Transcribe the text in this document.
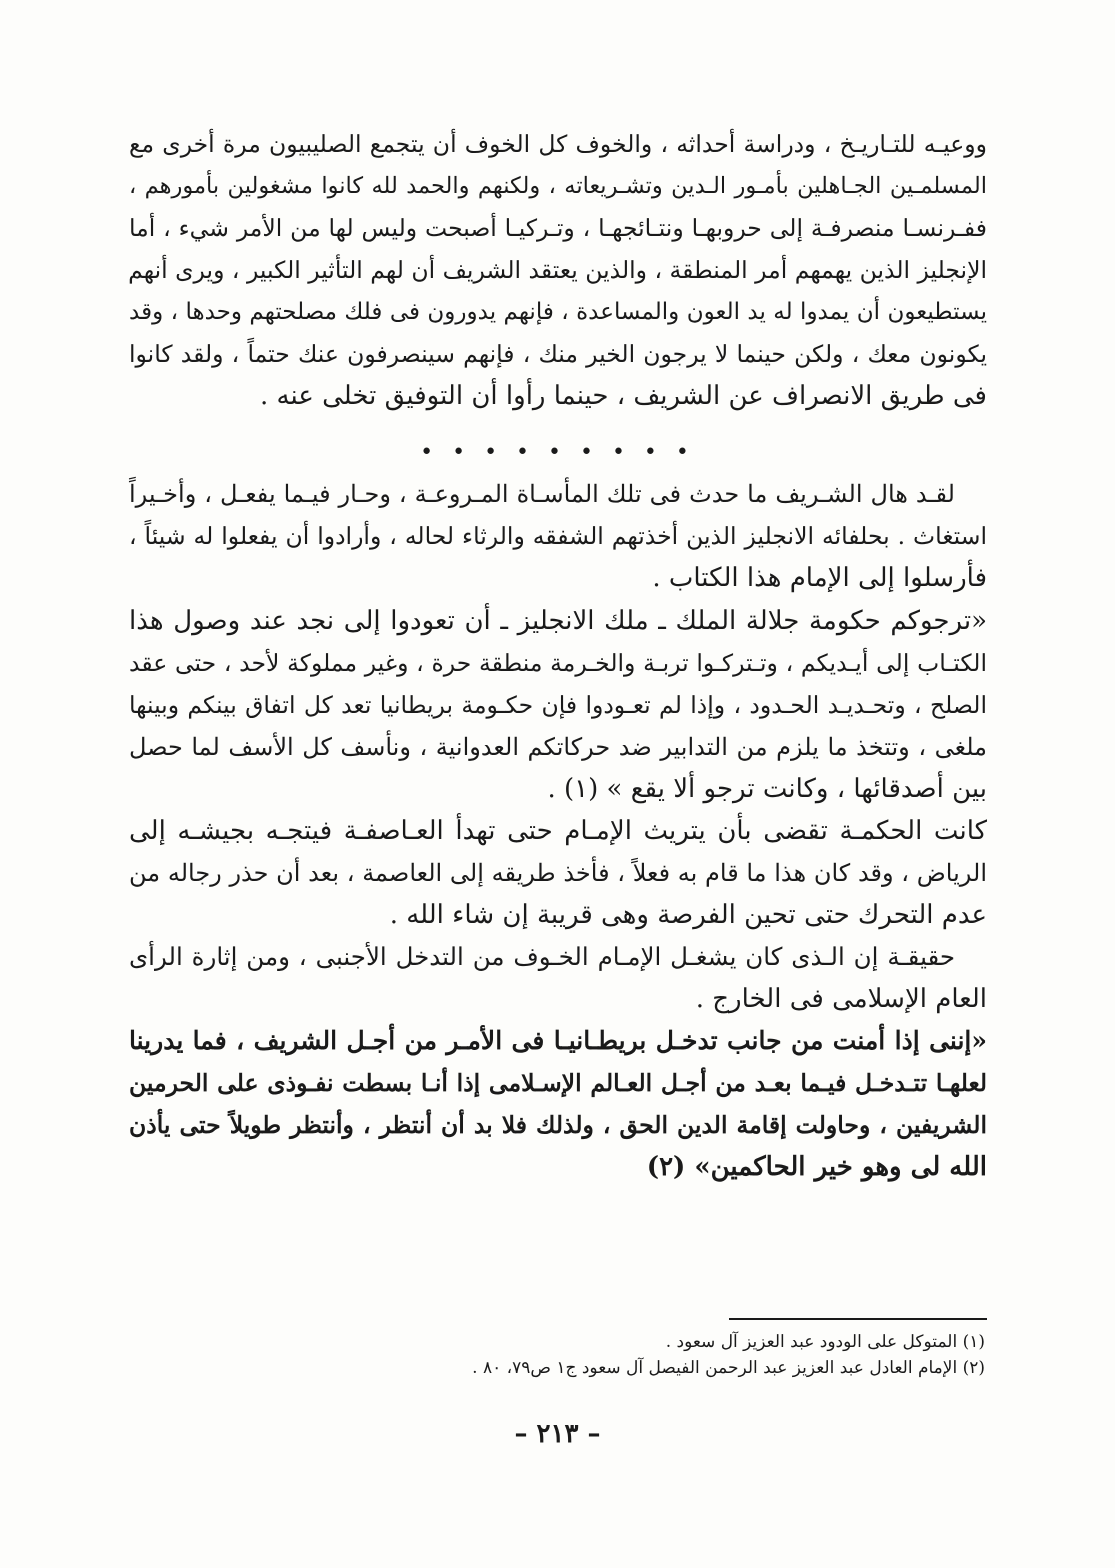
ووعيـه للتـاريـخ ، ودراسة أحداثه ، والخوف كل الخوف أن يتجمع الصليبيون مرة أخرى مع
المسلمـين الجـاهلين بأمـور الـدين وتشـريعاته ، ولكنهم والحمد لله كانوا مشغولين بأمورهم ،
ففـرنسـا منصرفـة إلى حروبهـا ونتـائجهـا ، وتـركيـا أصبحت وليس لها من الأمر شيء ، أما
الإنجليز الذين يهمهم أمر المنطقة ، والذين يعتقد الشريف أن لهم التأثير الكبير ، ويرى أنهم
يستطيعون أن يمدوا له يد العون والمساعدة ، فإنهم يدورون فى فلك مصلحتهم وحدها ، وقد
يكونون معك ، ولكن حينما لا يرجون الخير منك ، فإنهم سينصرفون عنك حتماً ، ولقد كانوا
فى طريق الانصراف عن الشريف ، حينما رأوا أن التوفيق تخلى عنه .
• • • • • • • • •
لقـد هال الشـريف ما حدث فى تلك المأسـاة المـروعـة ، وحـار فيـما يفعـل ، وأخـيراً
استغاث . بحلفائه الانجليز الذين أخذتهم الشفقه والرثاء لحاله ، وأرادوا أن يفعلوا له شيئاً ،
فأرسلوا إلى الإمام هذا الكتاب .
«ترجوكم حكومة جلالة الملك ـ ملك الانجليز ـ أن تعودوا إلى نجد عند وصول هذا
الكتـاب إلى أيـديكم ، وتـتركـوا تربـة والخـرمة منطقة حرة ، وغير مملوكة لأحد ، حتى عقد
الصلح ، وتحـديـد الحـدود ، وإذا لم تعـودوا فإن حكـومة بريطانيا تعد كل اتفاق بينكم وبينها
ملغى ، وتتخذ ما يلزم من التدابير ضد حركاتكم العدوانية ، ونأسف كل الأسف لما حصل
بين أصدقائها ، وكانت ترجو ألا يقع » (١) .
كانت الحكمـة تقضى بأن يتريث الإمـام حتى تهدأ العـاصفـة فيتجـه بجيشـه إلى
الرياض ، وقد كان هذا ما قام به فعلاً ، فأخذ طريقه إلى العاصمة ، بعد أن حذر رجاله من
عدم التحرك حتى تحين الفرصة وهى قريبة إن شاء الله .
حقيقـة إن الـذى كان يشغـل الإمـام الخـوف من التدخل الأجنبى ، ومن إثارة الرأى
العام الإسلامى فى الخارج .
«إننى إذا أمنت من جانب تدخـل بريطـانيـا فى الأمـر من أجـل الشريف ، فما يدرينا
لعلهـا تتـدخـل فيـما بعـد من أجـل العـالم الإسـلامى إذا أنـا بسطت نفـوذى على الحرمين
الشريفين ، وحاولت إقامة الدين الحق ، ولذلك فلا بد أن أنتظر ، وأنتظر طويلاً حتى يأذن
الله لى وهو خير الحاكمين» (٢)
(١) المتوكل على الودود عبد العزيز آل سعود .
(٢) الإمام العادل عبد العزيز عبد الرحمن الفيصل آل سعود ج١ ص٧٩، ٨٠ .
– ٢١٣ –
